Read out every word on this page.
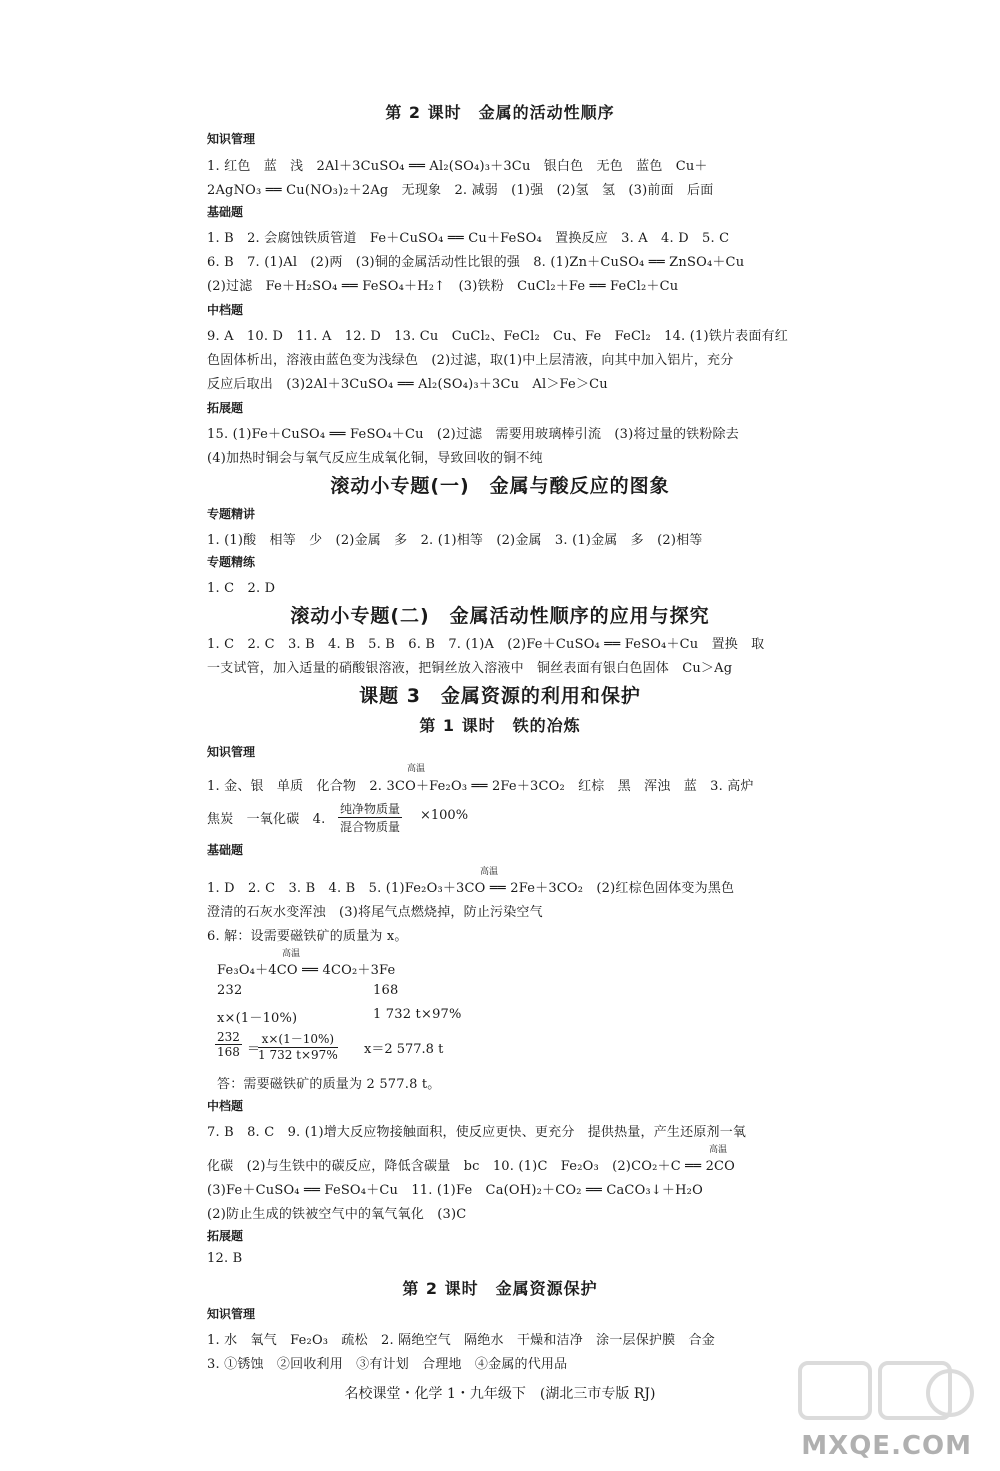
第 2 课时　金属的活动性顺序
知识管理
1. 红色　蓝　浅　2Al＋3CuSO₄ ══ Al₂(SO₄)₃＋3Cu　银白色　无色　蓝色　Cu＋
2AgNO₃ ══ Cu(NO₃)₂＋2Ag　无现象　2. 减弱　(1)强　(2)氢　氢　(3)前面　后面
基础题
1. B　2. 会腐蚀铁质管道　Fe＋CuSO₄ ══ Cu＋FeSO₄　置换反应　3. A　4. D　5. C
6. B　7. (1)Al　(2)两　(3)铜的金属活动性比银的强　8. (1)Zn＋CuSO₄ ══ ZnSO₄＋Cu
(2)过滤　Fe＋H₂SO₄ ══ FeSO₄＋H₂↑　(3)铁粉　CuCl₂＋Fe ══ FeCl₂＋Cu
中档题
9. A　10. D　11. A　12. D　13. Cu　CuCl₂、FeCl₂　Cu、Fe　FeCl₂　14. (1)铁片表面有红
色固体析出，溶液由蓝色变为浅绿色　(2)过滤，取(1)中上层清液，向其中加入铝片，充分
反应后取出　(3)2Al＋3CuSO₄ ══ Al₂(SO₄)₃＋3Cu　Al＞Fe＞Cu
拓展题
15. (1)Fe＋CuSO₄ ══ FeSO₄＋Cu　(2)过滤　需要用玻璃棒引流　(3)将过量的铁粉除去
(4)加热时铜会与氧气反应生成氧化铜，导致回收的铜不纯
滚动小专题(一)　金属与酸反应的图象
专题精讲
1. (1)酸　相等　少　(2)金属　多　2. (1)相等　(2)金属　3. (1)金属　多　(2)相等
专题精练
1. C　2. D
滚动小专题(二)　金属活动性顺序的应用与探究
1. C　2. C　3. B　4. B　5. B　6. B　7. (1)A　(2)Fe＋CuSO₄ ══ FeSO₄＋Cu　置换　取
一支试管，加入适量的硝酸银溶液，把铜丝放入溶液中　铜丝表面有银白色固体　Cu＞Ag
课题 3　金属资源的利用和保护
第 1 课时　铁的冶炼
知识管理
1. 金、银　单质　化合物　2. 3CO＋Fe₂O₃ ══ 2Fe＋3CO₂　红棕　黑　浑浊　蓝　3. 高炉
高温
焦炭　一氧化碳　4.
纯净物质量
混合物质量
×100%
基础题
1. D　2. C　3. B　4. B　5. (1)Fe₂O₃＋3CO ══ 2Fe＋3CO₂　(2)红棕色固体变为黑色
高温
澄清的石灰水变浑浊　(3)将尾气点燃烧掉，防止污染空气
6. 解：设需要磁铁矿的质量为 x。
Fe₃O₄＋4CO ══ 4CO₂＋3Fe
高温
232	168
x×(1－10%)	1 732 t×97%
$\frac{232}{168}$ ＝
$\frac{x\times(1-10\%)}{1 732 t\times 97\%} x=2$ 577.8 t
答：需要磁铁矿的质量为 2 577.8 t。
中档题
7. B　8. C　9. (1)增大反应物接触面积，使反应更快、更充分　提供热量，产生还原剂一氧
化碳　(2)与生铁中的碳反应，降低含碳量　bc　10. (1)C　Fe₂O₃　(2)CO₂＋C ══ 2CO
高温
(3)Fe＋CuSO₄ ══ FeSO₄＋Cu　11. (1)Fe　Ca(OH)₂＋CO₂ ══ CaCO₃↓＋H₂O
(2)防止生成的铁被空气中的氧气氧化　(3)C
拓展题
12. B
第 2 课时　金属资源保护
知识管理
1. 水　氧气　Fe₂O₃　疏松　2. 隔绝空气　隔绝水　干燥和洁净　涂一层保护膜　合金
3. ①锈蚀　②回收利用　③有计划　合理地　④金属的代用品
名校课堂・化学 1・九年级下　(湖北三市专版 RJ)
MXQE.COM
